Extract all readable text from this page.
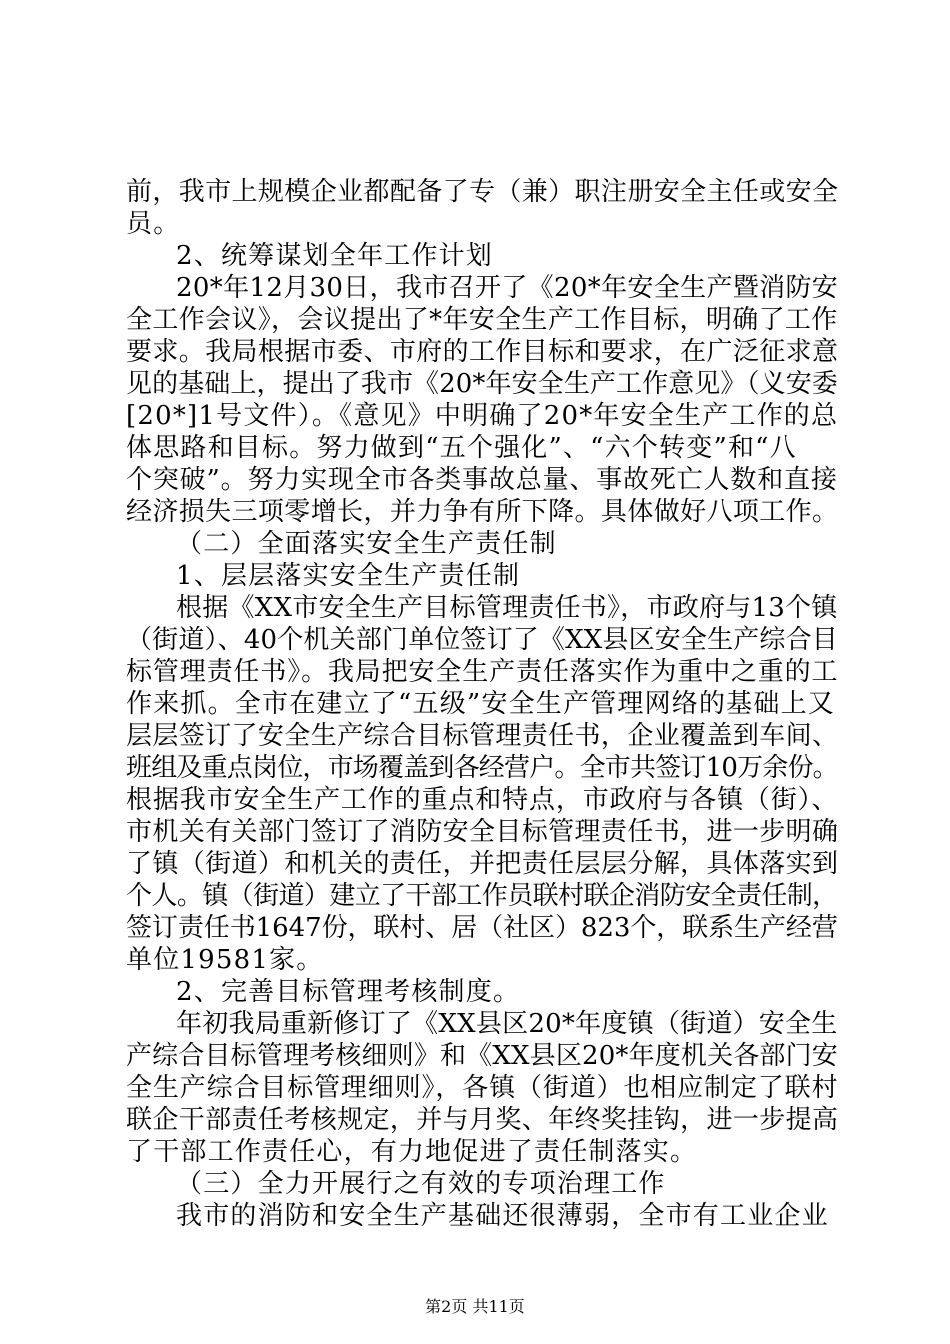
前，我市上规模企业都配备了专（兼）职注册安全主任或安全
员。
2、统筹谋划全年工作计划
20*年12月30日，我市召开了《20*年安全生产暨消防安
全工作会议》，会议提出了*年安全生产工作目标，明确了工作
要求。我局根据市委、市府的工作目标和要求，在广泛征求意
见的基础上，提出了我市《20*年安全生产工作意见》（义安委
[20*]1号文件）。《意见》中明确了20*年安全生产工作的总
体思路和目标。努力做到“五个强化”、“六个转变”和“八
个突破”。努力实现全市各类事故总量、事故死亡人数和直接
经济损失三项零增长，并力争有所下降。具体做好八项工作。
（二）全面落实安全生产责任制
1、层层落实安全生产责任制
根据《XX市安全生产目标管理责任书》，市政府与13个镇
（街道）、40个机关部门单位签订了《XX县区安全生产综合目
标管理责任书》。我局把安全生产责任落实作为重中之重的工
作来抓。全市在建立了“五级”安全生产管理网络的基础上又
层层签订了安全生产综合目标管理责任书，企业覆盖到车间、
班组及重点岗位，市场覆盖到各经营户。全市共签订10万余份。
根据我市安全生产工作的重点和特点，市政府与各镇（街）、
市机关有关部门签订了消防安全目标管理责任书，进一步明确
了镇（街道）和机关的责任，并把责任层层分解，具体落实到
个人。镇（街道）建立了干部工作员联村联企消防安全责任制，
签订责任书1647份，联村、居（社区）823个，联系生产经营
单位19581家。
2、完善目标管理考核制度。
年初我局重新修订了《XX县区20*年度镇（街道）安全生
产综合目标管理考核细则》和《XX县区20*年度机关各部门安
全生产综合目标管理细则》，各镇（街道）也相应制定了联村
联企干部责任考核规定，并与月奖、年终奖挂钩，进一步提高
了干部工作责任心，有力地促进了责任制落实。
（三）全力开展行之有效的专项治理工作
我市的消防和安全生产基础还很薄弱，全市有工业企业
第2页 共11页
